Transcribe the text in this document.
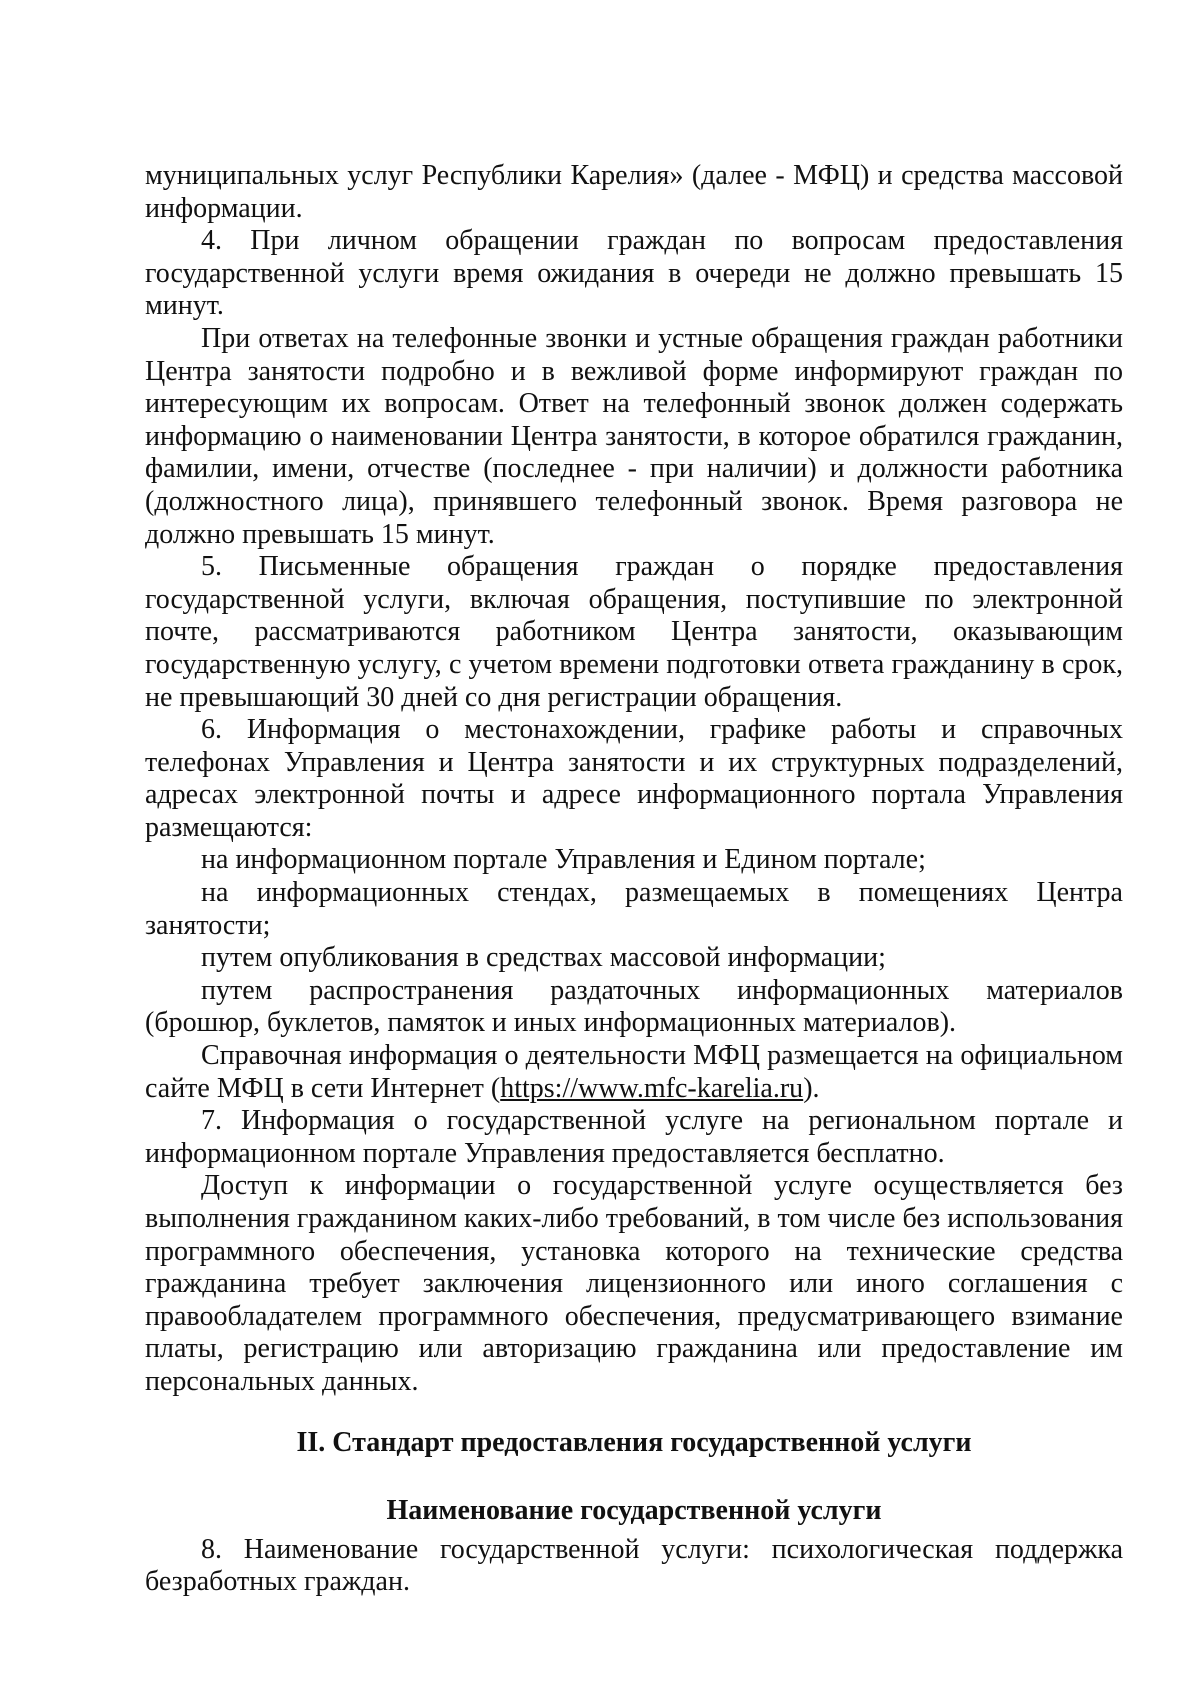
муниципальных услуг Республики Карелия» (далее - МФЦ) и средства массовой информации.

4. При личном обращении граждан по вопросам предоставления государственной услуги время ожидания в очереди не должно превышать 15 минут.

При ответах на телефонные звонки и устные обращения граждан работники Центра занятости подробно и в вежливой форме информируют граждан по интересующим их вопросам. Ответ на телефонный звонок должен содержать информацию о наименовании Центра занятости, в которое обратился гражданин, фамилии, имени, отчестве (последнее - при наличии) и должности работника (должностного лица), принявшего телефонный звонок. Время разговора не должно превышать 15 минут.

5. Письменные обращения граждан о порядке предоставления государственной услуги, включая обращения, поступившие по электронной почте, рассматриваются работником Центра занятости, оказывающим государственную услугу, с учетом времени подготовки ответа гражданину в срок, не превышающий 30 дней со дня регистрации обращения.

6. Информация о местонахождении, графике работы и справочных телефонах Управления и Центра занятости и их структурных подразделений, адресах электронной почты и адресе информационного портала Управления размещаются:

на информационном портале Управления и Едином портале;

на информационных стендах, размещаемых в помещениях Центра занятости;

путем опубликования в средствах массовой информации;

путем распространения раздаточных информационных материалов (брошюр, буклетов, памяток и иных информационных материалов).

Справочная информация о деятельности МФЦ размещается на официальном сайте МФЦ в сети Интернет (https://www.mfc-karelia.ru).

7. Информация о государственной услуге на региональном портале и информационном портале Управления предоставляется бесплатно.

Доступ к информации о государственной услуге осуществляется без выполнения гражданином каких-либо требований, в том числе без использования программного обеспечения, установка которого на технические средства гражданина требует заключения лицензионного или иного соглашения с правообладателем программного обеспечения, предусматривающего взимание платы, регистрацию или авторизацию гражданина или предоставление им персональных данных.

II. Стандарт предоставления государственной услуги

Наименование государственной услуги

8. Наименование государственной услуги: психологическая поддержка безработных граждан.
